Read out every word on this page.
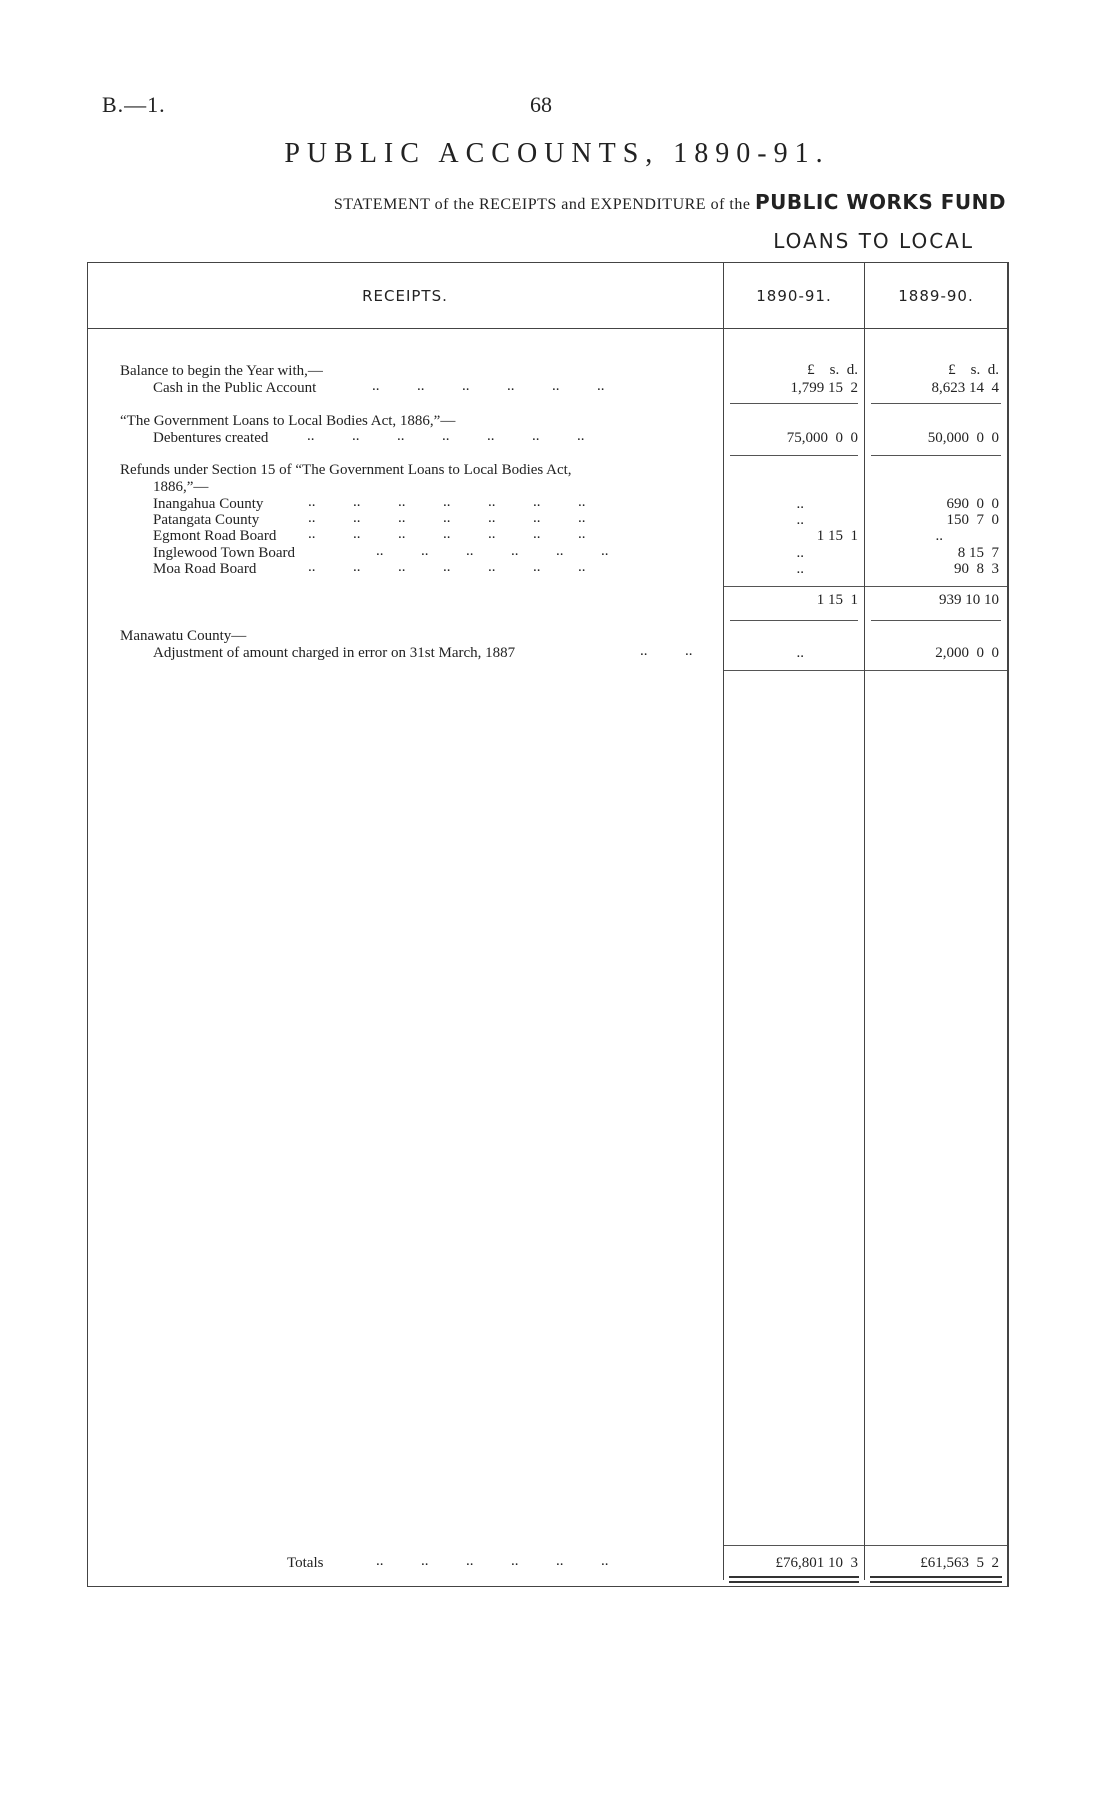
B.—1.	68
PUBLIC ACCOUNTS, 1890-91.
STATEMENT of the RECEIPTS and EXPENDITURE of the PUBLIC WORKS FUND
LOANS TO LOCAL
RECEIPTS.	1890-91.	1889-90.
Balance to begin the Year with,—	£    s.  d.	£    s.  d.
Cash in the Public Account	..          ..          ..          ..          ..          ..	1,799 15  2	8,623 14  4
“The Government Loans to Local Bodies Act, 1886,”—
Debentures created	..          ..          ..          ..          ..          ..          ..	75,000  0  0	50,000  0  0
Refunds under Section 15 of “The Government Loans to Local Bodies Act,
1886,”—
Inangahua County	..          ..          ..          ..          ..          ..          ..	..	690  0  0
Patangata County	..          ..          ..          ..          ..          ..          ..	..	150  7  0
Egmont Road Board ..          ..          ..          ..          ..          ..          ..	1 15  1	..
Inglewood Town Board	..          ..          ..          ..          ..          ..	..	8 15  7
Moa Road Board	..          ..          ..          ..          ..          ..          ..	..	90  8  3
1 15  1	939 10 10
Manawatu County—
Adjustment of amount charged in error on 31st March, 1887	..          ..	..	2,000  0  0
Totals	..          ..          ..          ..          ..          ..	£76,801 10  3	£61,563  5  2
